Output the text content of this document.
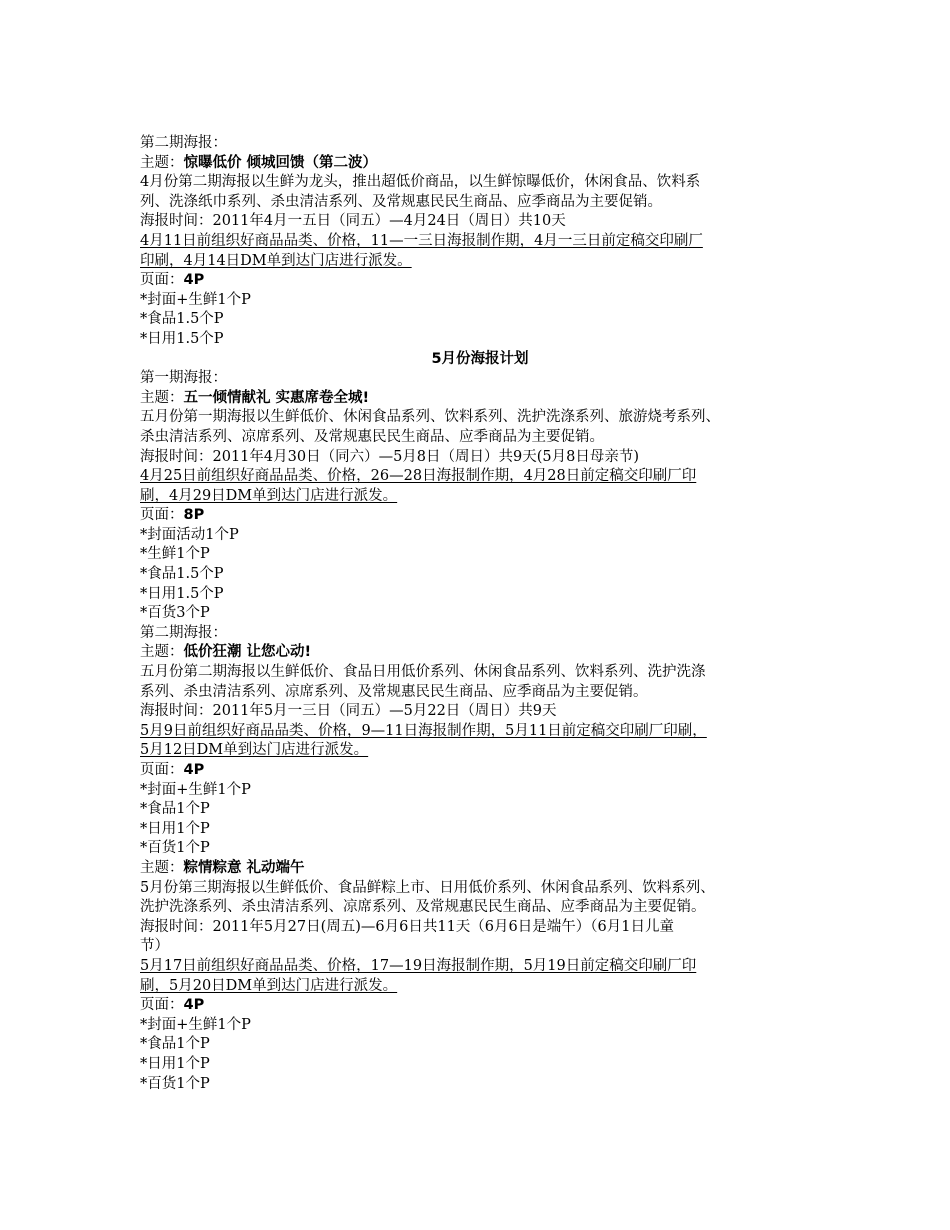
第二期海报：
主题：惊曝低价 倾城回馈（第二波）
4月份第二期海报以生鲜为龙头，推出超低价商品，以生鲜惊曝低价，休闲食品、饮料系
列、洗涤纸巾系列、杀虫清洁系列、及常规惠民民生商品、应季商品为主要促销。
海报时间：2011年4月一五日（同五）—4月24日（周日）共10天
4月11日前组织好商品品类、价格，11—一三日海报制作期，4月一三日前定稿交印刷厂
印刷，4月14日DM单到达门店进行派发。
页面：4P
*封面+生鲜1个P
*食品1.5个P
*日用1.5个P
5月份海报计划
第一期海报：
主题：五一倾情献礼 实惠席卷全城!
五月份第一期海报以生鲜低价、休闲食品系列、饮料系列、洗护洗涤系列、旅游烧考系列、
杀虫清洁系列、凉席系列、及常规惠民民生商品、应季商品为主要促销。
海报时间：2011年4月30日（同六）—5月8日（周日）共9天(5月8日母亲节)
4月25日前组织好商品品类、价格，26—28日海报制作期，4月28日前定稿交印刷厂印
刷，4月29日DM单到达门店进行派发。
页面：8P
*封面活动1个P
*生鲜1个P
*食品1.5个P
*日用1.5个P
*百货3个P
第二期海报：
主题：低价狂潮 让您心动!
五月份第二期海报以生鲜低价、食品日用低价系列、休闲食品系列、饮料系列、洗护洗涤
系列、杀虫清洁系列、凉席系列、及常规惠民民生商品、应季商品为主要促销。
海报时间：2011年5月一三日（同五）—5月22日（周日）共9天
5月9日前组织好商品品类、价格，9—11日海报制作期，5月11日前定稿交印刷厂印刷，
5月12日DM单到达门店进行派发。
页面：4P
*封面+生鲜1个P
*食品1个P
*日用1个P
*百货1个P
主题：粽情粽意 礼动端午
5月份第三期海报以生鲜低价、食品鲜粽上市、日用低价系列、休闲食品系列、饮料系列、
洗护洗涤系列、杀虫清洁系列、凉席系列、及常规惠民民生商品、应季商品为主要促销。
海报时间：2011年5月27日(周五)—6月6日共11天（6月6日是端午）（6月1日儿童
节）
5月17日前组织好商品品类、价格，17—19日海报制作期，5月19日前定稿交印刷厂印
刷，5月20日DM单到达门店进行派发。
页面：4P
*封面+生鲜1个P
*食品1个P
*日用1个P
*百货1个P
